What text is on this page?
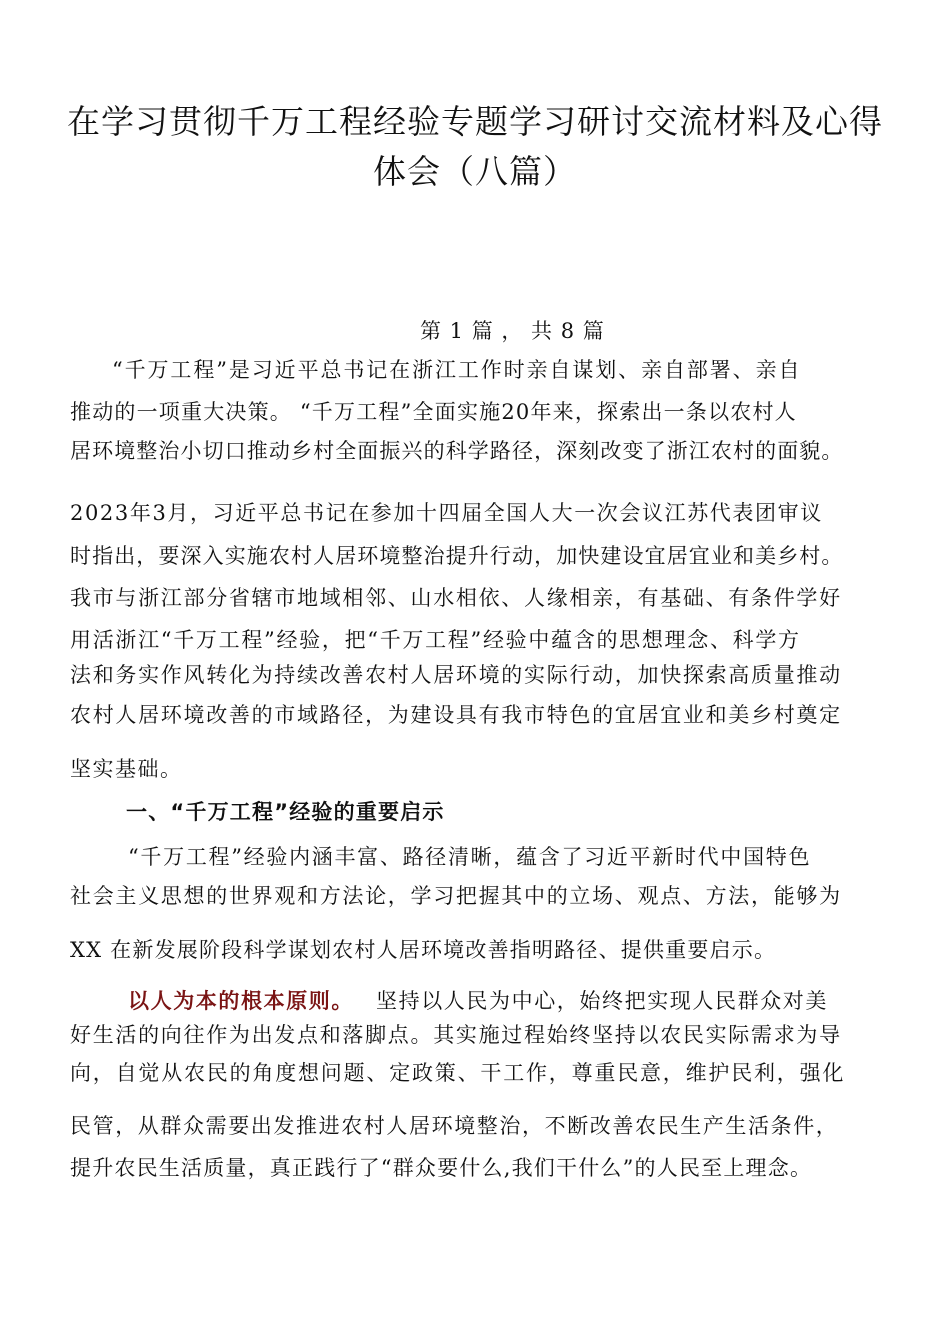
在学习贯彻千万工程经验专题学习研讨交流材料及心得
体会（八篇）
第 1 篇 ， 共 8 篇
“千万工程”是习近平总书记在浙江工作时亲自谋划、亲自部署、亲自
推动的一项重大决策。 “千万工程”全面实施20年来，探索出一条以农村人
居环境整治小切口推动乡村全面振兴的科学路径，深刻改变了浙江农村的面貌。
2023年3月，习近平总书记在参加十四届全国人大一次会议江苏代表团审议
时指出，要深入实施农村人居环境整治提升行动，加快建设宜居宜业和美乡村。
我市与浙江部分省辖市地域相邻、山水相依、人缘相亲，有基础、有条件学好
用活浙江“千万工程”经验，把“千万工程”经验中蕴含的思想理念、科学方
法和务实作风转化为持续改善农村人居环境的实际行动，加快探索高质量推动
农村人居环境改善的市域路径，为建设具有我市特色的宜居宜业和美乡村奠定
坚实基础。
一、“千万工程”经验的重要启示
“千万工程”经验内涵丰富、路径清晰，蕴含了习近平新时代中国特色
社会主义思想的世界观和方法论，学习把握其中的立场、观点、方法，能够为
XX 在新发展阶段科学谋划农村人居环境改善指明路径、提供重要启示。
以人为本的根本原则。 坚持以人民为中心，始终把实现人民群众对美
好生活的向往作为出发点和落脚点。其实施过程始终坚持以农民实际需求为导
向，自觉从农民的角度想问题、定政策、干工作，尊重民意，维护民利，强化
民管，从群众需要出发推进农村人居环境整治，不断改善农民生产生活条件，
提升农民生活质量，真正践行了“群众要什么,我们干什么”的人民至上理念。
